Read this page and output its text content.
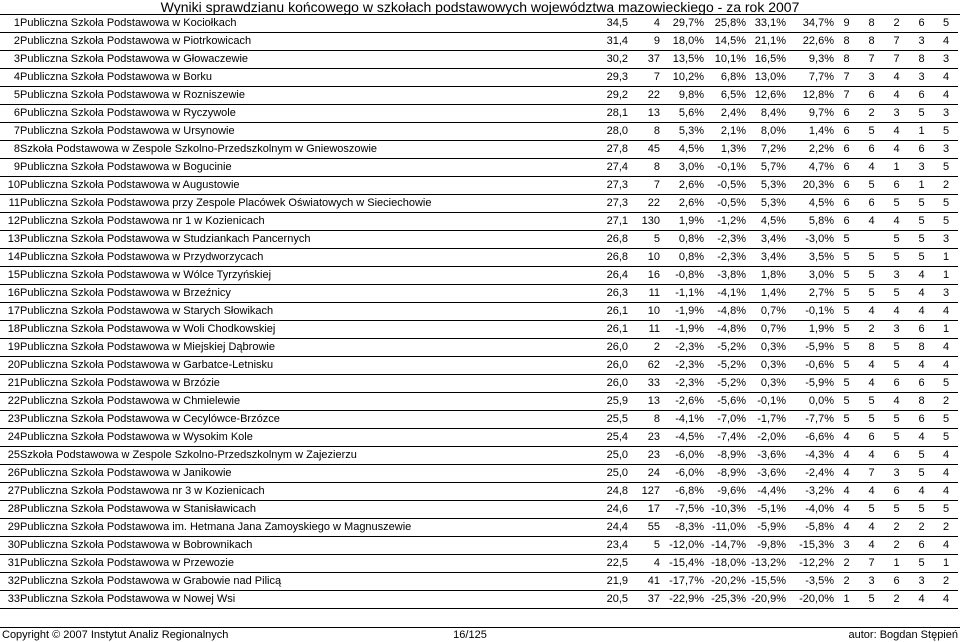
Wyniki sprawdzianu końcowego w szkołach podstawowych województwa mazowieckiego - za rok 2007
1	Publiczna Szkoła Podstawowa w Kociołkach	34,5	4	29,7%	25,8%	33,1%	34,7%	9	8	2	6	5
2	Publiczna Szkoła Podstawowa w Piotrkowicach	31,4	9	18,0%	14,5%	21,1%	22,6%	8	8	7	3	4
3	Publiczna Szkoła Podstawowa w Głowaczewie	30,2	37	13,5%	10,1%	16,5%	9,3%	8	7	7	8	3
4	Publiczna Szkoła Podstawowa w Borku	29,3	7	10,2%	6,8%	13,0%	7,7%	7	3	4	3	4
5	Publiczna Szkoła Podstawowa w Rozniszewie	29,2	22	9,8%	6,5%	12,6%	12,8%	7	6	4	6	4
6	Publiczna Szkoła Podstawowa w Ryczywole	28,1	13	5,6%	2,4%	8,4%	9,7%	6	2	3	5	3
7	Publiczna Szkoła Podstawowa w Ursynowie	28,0	8	5,3%	2,1%	8,0%	1,4%	6	5	4	1	5
8	Szkoła Podstawowa w Zespole Szkolno-Przedszkolnym w Gniewoszowie	27,8	45	4,5%	1,3%	7,2%	2,2%	6	6	4	6	3
9	Publiczna Szkoła Podstawowa w Bogucinie	27,4	8	3,0%	-0,1%	5,7%	4,7%	6	4	1	3	5
10	Publiczna Szkoła Podstawowa w Augustowie	27,3	7	2,6%	-0,5%	5,3%	20,3%	6	5	6	1	2
11	Publiczna Szkoła Podstawowa przy Zespole Placówek Oświatowych w Sieciechowie	27,3	22	2,6%	-0,5%	5,3%	4,5%	6	6	5	5	5
12	Publiczna Szkoła Podstawowa nr 1 w Kozienicach	27,1	130	1,9%	-1,2%	4,5%	5,8%	6	4	4	5	5
13	Publiczna Szkoła Podstawowa w Studziankach Pancernych	26,8	5	0,8%	-2,3%	3,4%	-3,0%	5		5	5	3
14	Publiczna Szkoła Podstawowa w Przydworzycach	26,8	10	0,8%	-2,3%	3,4%	3,5%	5	5	5	5	1
15	Publiczna Szkoła Podstawowa w Wólce Tyrzyńskiej	26,4	16	-0,8%	-3,8%	1,8%	3,0%	5	5	3	4	1
16	Publiczna Szkoła Podstawowa w Brzeźnicy	26,3	11	-1,1%	-4,1%	1,4%	2,7%	5	5	5	4	3
17	Publiczna Szkoła Podstawowa w Starych Słowikach	26,1	10	-1,9%	-4,8%	0,7%	-0,1%	5	4	4	4	4
18	Publiczna Szkoła Podstawowa w Woli Chodkowskiej	26,1	11	-1,9%	-4,8%	0,7%	1,9%	5	2	3	6	1
19	Publiczna Szkoła Podstawowa w Miejskiej Dąbrowie	26,0	2	-2,3%	-5,2%	0,3%	-5,9%	5	8	5	8	4
20	Publiczna Szkoła Podstawowa w Garbatce-Letnisku	26,0	62	-2,3%	-5,2%	0,3%	-0,6%	5	4	5	4	4
21	Publiczna Szkoła Podstawowa w Brzózie	26,0	33	-2,3%	-5,2%	0,3%	-5,9%	5	4	6	6	5
22	Publiczna Szkoła Podstawowa w Chmielewie	25,9	13	-2,6%	-5,6%	-0,1%	0,0%	5	5	4	8	2
23	Publiczna Szkoła Podstawowa w Cecylówce-Brzózce	25,5	8	-4,1%	-7,0%	-1,7%	-7,7%	5	5	5	6	5
24	Publiczna Szkoła Podstawowa w Wysokim Kole	25,4	23	-4,5%	-7,4%	-2,0%	-6,6%	4	6	5	4	5
25	Szkoła Podstawowa w Zespole Szkolno-Przedszkolnym w Zajezierzu	25,0	23	-6,0%	-8,9%	-3,6%	-4,3%	4	4	6	5	4
26	Publiczna Szkoła Podstawowa w Janikowie	25,0	24	-6,0%	-8,9%	-3,6%	-2,4%	4	7	3	5	4
27	Publiczna Szkoła Podstawowa nr 3 w Kozienicach	24,8	127	-6,8%	-9,6%	-4,4%	-3,2%	4	4	6	4	4
28	Publiczna Szkoła Podstawowa w Stanisławicach	24,6	17	-7,5%	-10,3%	-5,1%	-4,0%	4	5	5	5	5
29	Publiczna Szkoła Podstawowa im. Hetmana Jana Zamoyskiego w Magnuszewie	24,4	55	-8,3%	-11,0%	-5,9%	-5,8%	4	4	2	2	2
30	Publiczna Szkoła Podstawowa w Bobrownikach	23,4	5	-12,0%	-14,7%	-9,8%	-15,3%	3	4	2	6	4
31	Publiczna Szkoła Podstawowa w Przewozie	22,5	4	-15,4%	-18,0%	-13,2%	-12,2%	2	7	1	5	1
32	Publiczna Szkoła Podstawowa w Grabowie nad Pilicą	21,9	41	-17,7%	-20,2%	-15,5%	-3,5%	2	3	6	3	2
33	Publiczna Szkoła Podstawowa w Nowej Wsi	20,5	37	-22,9%	-25,3%	-20,9%	-20,0%	1	5	2	4	4
Copyright © 2007 Instytut Analiz Regionalnych	16/125	autor: Bogdan Stępień
